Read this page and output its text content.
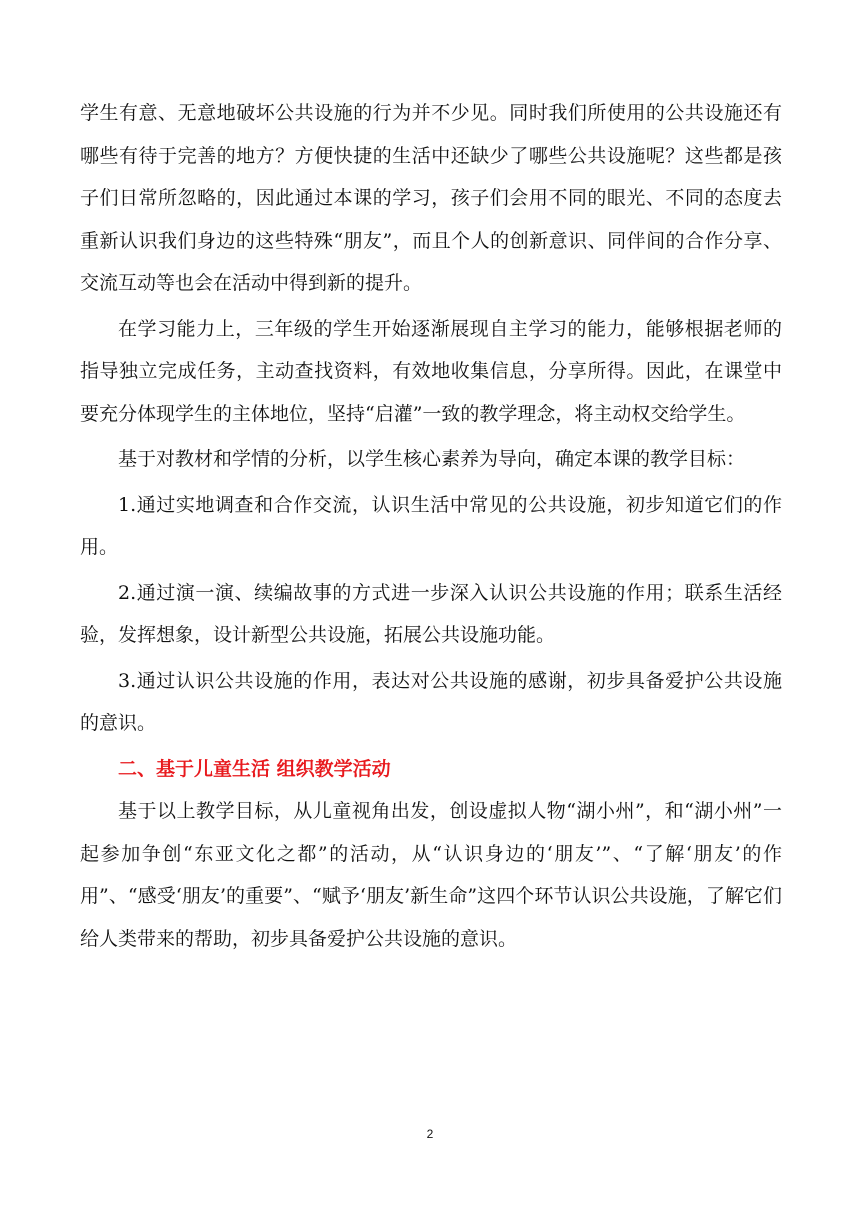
学生有意、无意地破坏公共设施的行为并不少见。同时我们所使用的公共设施还有哪些有待于完善的地方？方便快捷的生活中还缺少了哪些公共设施呢？这些都是孩子们日常所忽略的，因此通过本课的学习，孩子们会用不同的眼光、不同的态度去重新认识我们身边的这些特殊“朋友”，而且个人的创新意识、同伴间的合作分享、交流互动等也会在活动中得到新的提升。

在学习能力上，三年级的学生开始逐渐展现自主学习的能力，能够根据老师的指导独立完成任务，主动查找资料，有效地收集信息，分享所得。因此，在课堂中要充分体现学生的主体地位，坚持“启灌”一致的教学理念，将主动权交给学生。

基于对教材和学情的分析，以学生核心素养为导向，确定本课的教学目标：

1.通过实地调查和合作交流，认识生活中常见的公共设施，初步知道它们的作用。

2.通过演一演、续编故事的方式进一步深入认识公共设施的作用；联系生活经验，发挥想象，设计新型公共设施，拓展公共设施功能。

3.通过认识公共设施的作用，表达对公共设施的感谢，初步具备爱护公共设施的意识。

二、基于儿童生活 组织教学活动

基于以上教学目标，从儿童视角出发，创设虚拟人物“湖小州”，和“湖小州”一起参加争创“东亚文化之都”的活动，从“认识身边的‘朋友’”、“了解‘朋友’的作用”、“感受‘朋友’的重要”、“赋予‘朋友’新生命”这四个环节认识公共设施，了解它们给人类带来的帮助，初步具备爱护公共设施的意识。

2
